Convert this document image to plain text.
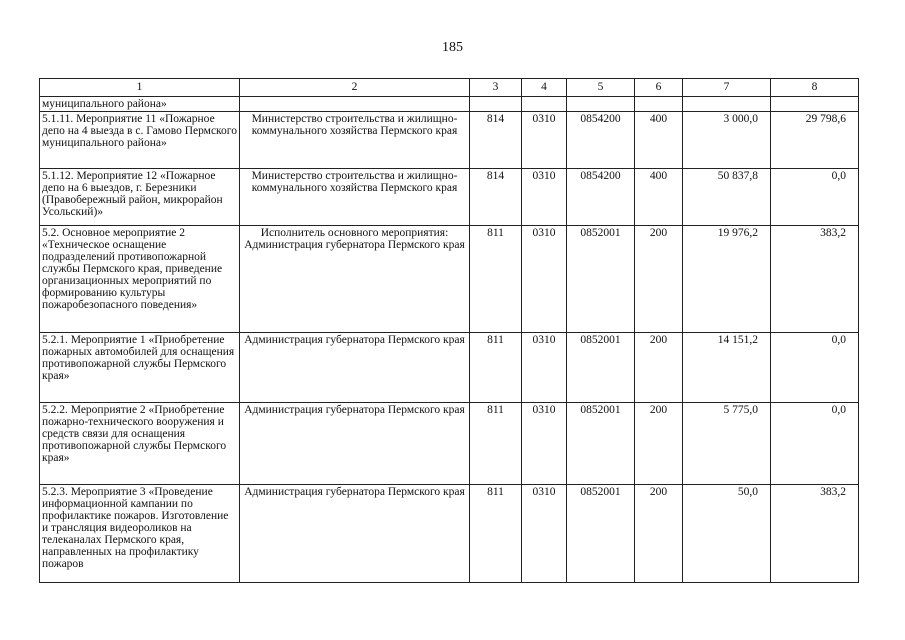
185
1	2	3	4	5	6	7	8
муниципального района»							
5.1.11. Мероприятие 11 «Пожарное депо на 4 выезда в с. Гамово Пермского муниципального района»	Министерство строительства и жилищно-коммунального хозяйства Пермского края	814	0310	0854200	400	3 000,0	29 798,6
5.1.12. Мероприятие 12 «Пожарное депо на 6 выездов, г. Березники (Правобережный район, микрорайон Усольский)»	Министерство строительства и жилищно-коммунального хозяйства Пермского края	814	0310	0854200	400	50 837,8	0,0
5.2. Основное мероприятие 2 «Техническое оснащение подразделений противопожарной службы Пермского края, приведение организационных мероприятий по формированию культуры пожаробезопасного поведения»	Исполнитель основного мероприятия: Администрация губернатора Пермского края	811	0310	0852001	200	19 976,2	383,2
5.2.1. Мероприятие 1 «Приобретение пожарных автомобилей для оснащения противопожарной службы Пермского края»	Администрация губернатора Пермского края	811	0310	0852001	200	14 151,2	0,0
5.2.2. Мероприятие 2 «Приобретение пожарно-технического вооружения и средств связи для оснащения противопожарной службы Пермского края»	Администрация губернатора Пермского края	811	0310	0852001	200	5 775,0	0,0
5.2.3. Мероприятие 3 «Проведение информационной кампании по профилактике пожаров. Изготовление и трансляция видеороликов на телеканалах Пермского края, направленных на профилактику пожаров	Администрация губернатора Пермского края	811	0310	0852001	200	50,0	383,2
